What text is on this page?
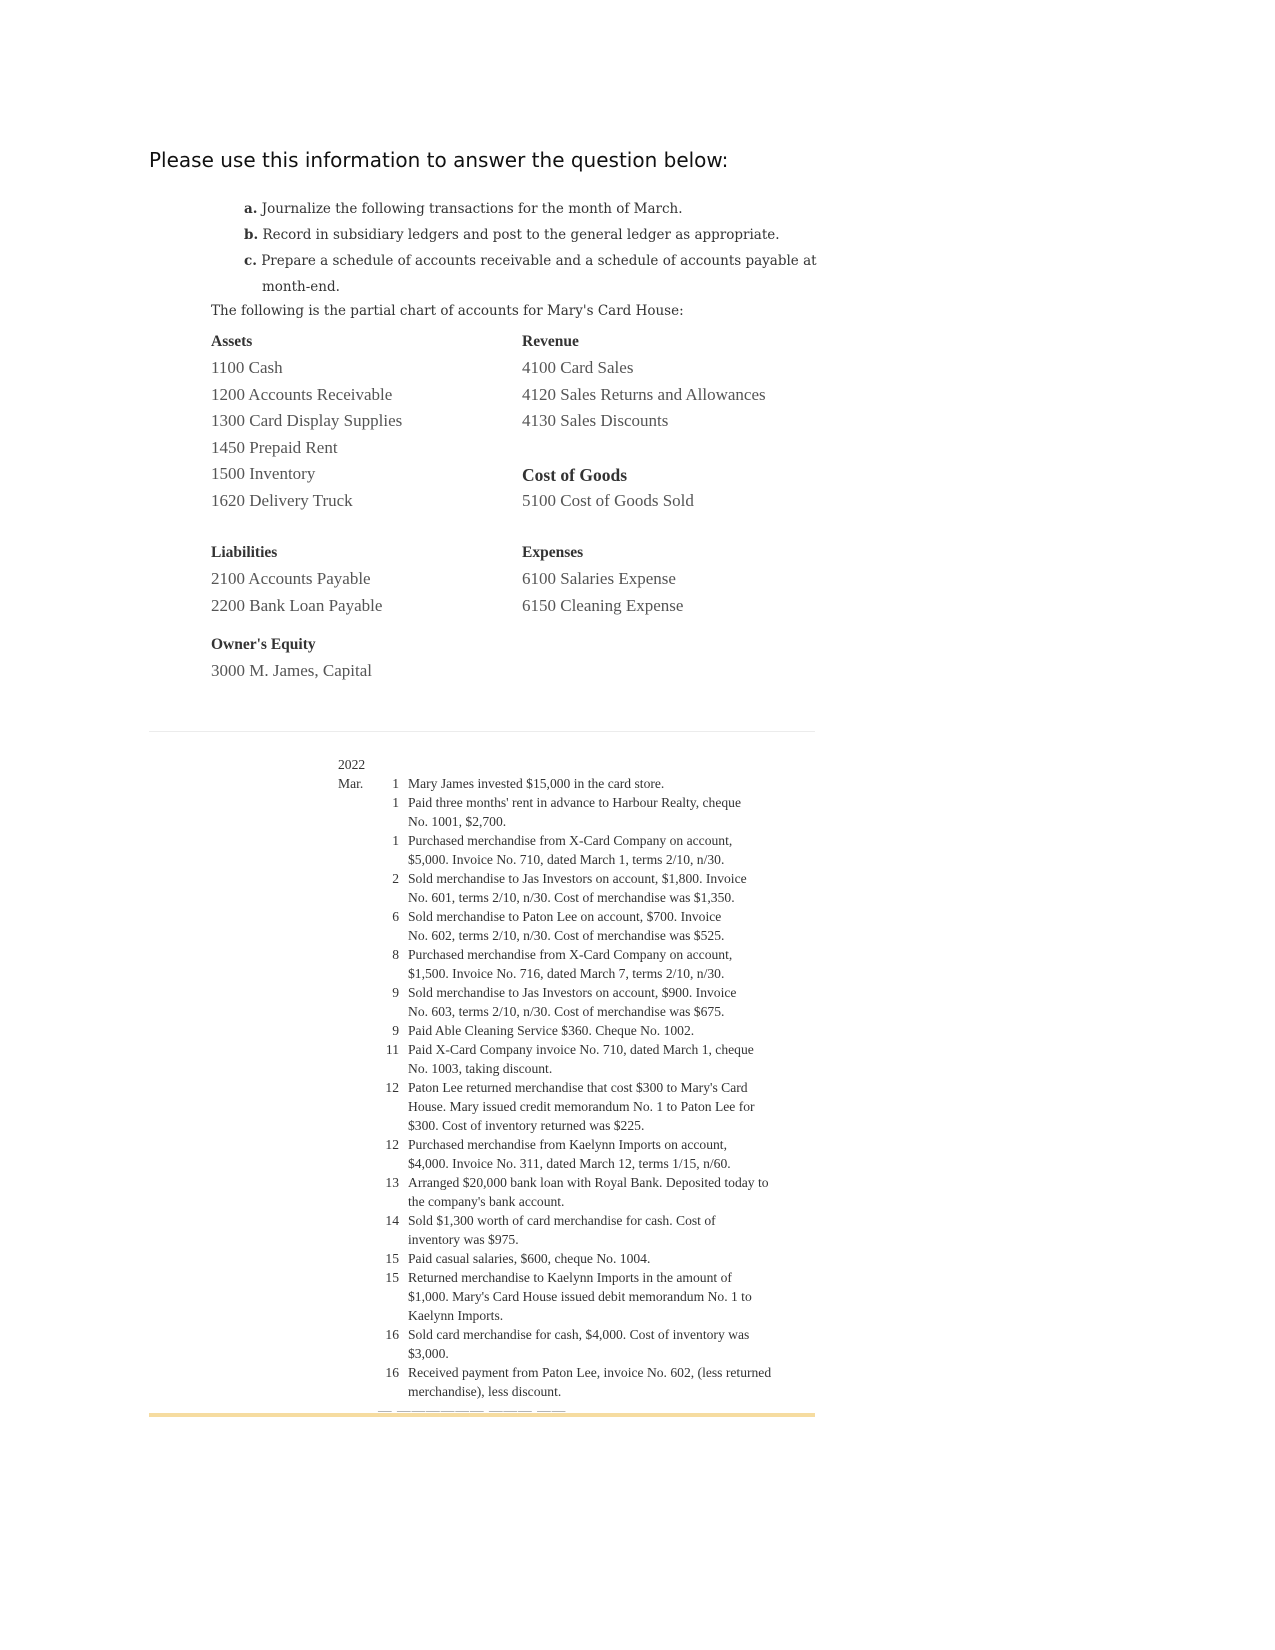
Please use this information to answer the question below:
a. Journalize the following transactions for the month of March.
b. Record in subsidiary ledgers and post to the general ledger as appropriate.
c. Prepare a schedule of accounts receivable and a schedule of accounts payable at
month-end.
The following is the partial chart of accounts for Mary's Card House:
Assets
1100 Cash
1200 Accounts Receivable
1300 Card Display Supplies
1450 Prepaid Rent
1500 Inventory
1620 Delivery Truck
Revenue
4100 Card Sales
4120 Sales Returns and Allowances
4130 Sales Discounts
Cost of Goods
5100 Cost of Goods Sold
Liabilities
2100 Accounts Payable
2200 Bank Loan Payable
Expenses
6100 Salaries Expense
6150 Cleaning Expense
Owner's Equity
3000 M. James, Capital
2022
Mar.	1 Mary James invested $15,000 in the card store.
1 Paid three months' rent in advance to Harbour Realty, cheque
No. 1001, $2,700.
1 Purchased merchandise from X-Card Company on account,
$5,000. Invoice No. 710, dated March 1, terms 2/10, n/30.
2 Sold merchandise to Jas Investors on account, $1,800. Invoice
No. 601, terms 2/10, n/30. Cost of merchandise was $1,350.
6 Sold merchandise to Paton Lee on account, $700. Invoice
No. 602, terms 2/10, n/30. Cost of merchandise was $525.
8 Purchased merchandise from X-Card Company on account,
$1,500. Invoice No. 716, dated March 7, terms 2/10, n/30.
9 Sold merchandise to Jas Investors on account, $900. Invoice
No. 603, terms 2/10, n/30. Cost of merchandise was $675.
9 Paid Able Cleaning Service $360. Cheque No. 1002.
11 Paid X-Card Company invoice No. 710, dated March 1, cheque
No. 1003, taking discount.
12 Paton Lee returned merchandise that cost $300 to Mary's Card
House. Mary issued credit memorandum No. 1 to Paton Lee for
$300. Cost of inventory returned was $225.
12 Purchased merchandise from Kaelynn Imports on account,
$4,000. Invoice No. 311, dated March 12, terms 1/15, n/60.
13 Arranged $20,000 bank loan with Royal Bank. Deposited today to
the company's bank account.
14 Sold $1,300 worth of card merchandise for cash. Cost of
inventory was $975.
15 Paid casual salaries, $600, cheque No. 1004.
15 Returned merchandise to Kaelynn Imports in the amount of
$1,000. Mary's Card House issued debit memorandum No. 1 to
Kaelynn Imports.
16 Sold card merchandise for cash, $4,000. Cost of inventory was
$3,000.
16 Received payment from Paton Lee, invoice No. 602, (less returned
merchandise), less discount.
— —————— ——— ——
